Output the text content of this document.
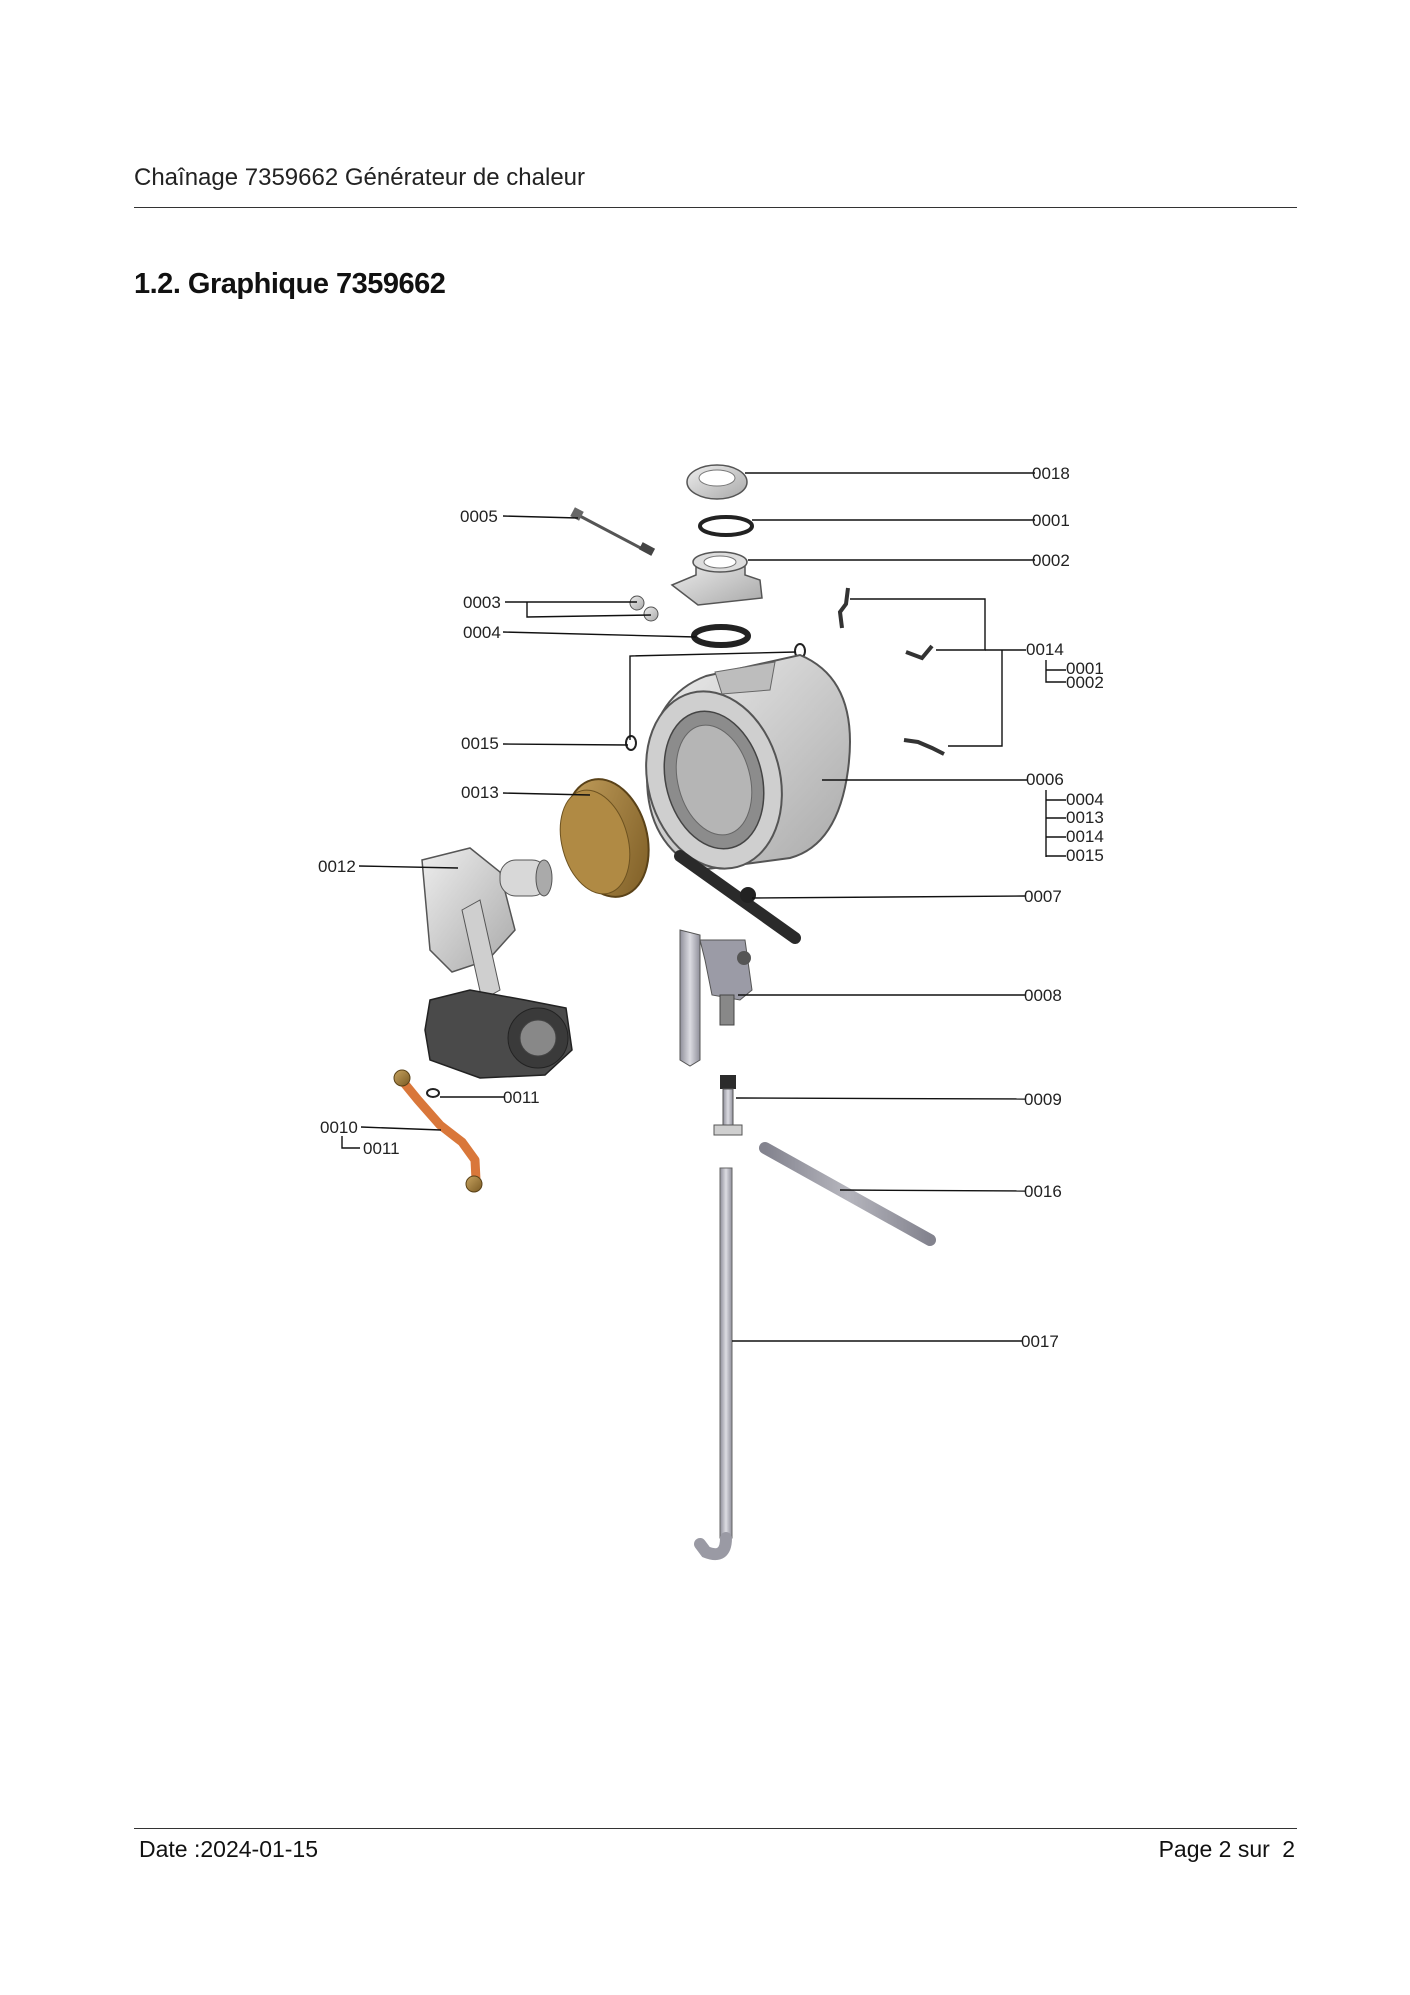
Chaînage 7359662 Générateur de chaleur
1.2. Graphique 7359662
0018
0001
0002
0005
0003
0004
0014
0001
0002
0015
0006
0004
0013
0014
0015
0013
0012
0007
0008
0011
0010
0011
0009
0016
0017
Date :2024-01-15	Page 2 sur 2
